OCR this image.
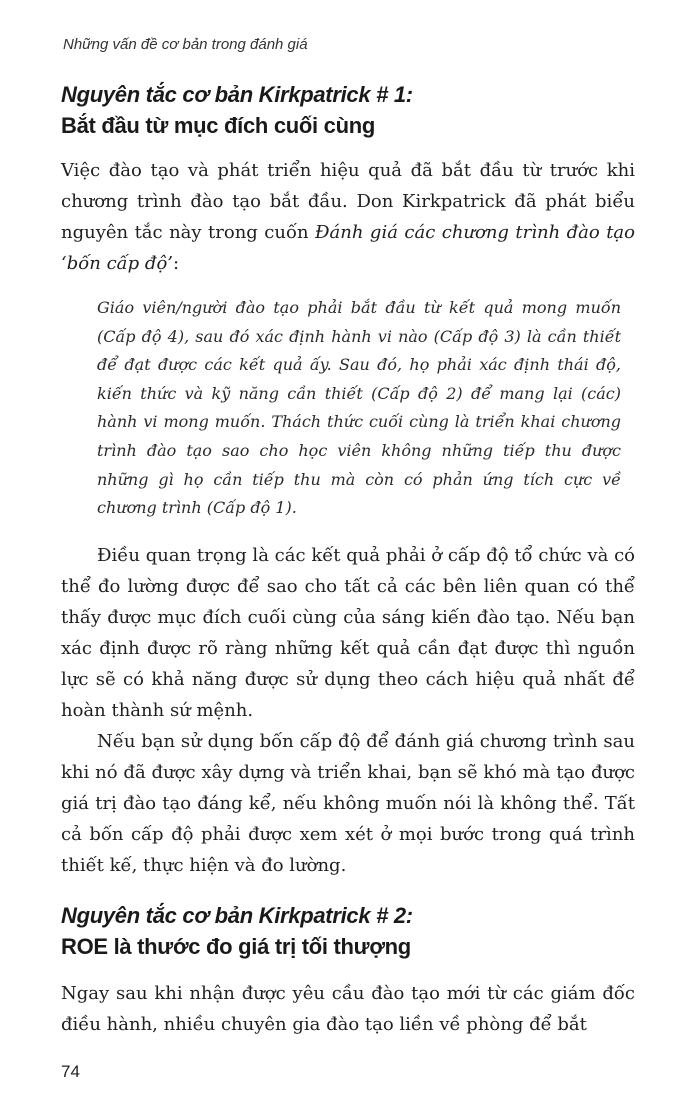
Những vấn đề cơ bản trong đánh giá
Nguyên tắc cơ bản Kirkpatrick # 1:
Bắt đầu từ mục đích cuối cùng

Việc đào tạo và phát triển hiệu quả đã bắt đầu từ trước khi chương trình đào tạo bắt đầu. Don Kirkpatrick đã phát biểu nguyên tắc này trong cuốn Đánh giá các chương trình đào tạo ‘bốn cấp độ’:

Giáo viên/người đào tạo phải bắt đầu từ kết quả mong muốn (Cấp độ 4), sau đó xác định hành vi nào (Cấp độ 3) là cần thiết để đạt được các kết quả ấy. Sau đó, họ phải xác định thái độ, kiến thức và kỹ năng cần thiết (Cấp độ 2) để mang lại (các) hành vi mong muốn. Thách thức cuối cùng là triển khai chương trình đào tạo sao cho học viên không những tiếp thu được những gì họ cần tiếp thu mà còn có phản ứng tích cực về chương trình (Cấp độ 1).

Điều quan trọng là các kết quả phải ở cấp độ tổ chức và có thể đo lường được để sao cho tất cả các bên liên quan có thể thấy được mục đích cuối cùng của sáng kiến đào tạo. Nếu bạn xác định được rõ ràng những kết quả cần đạt được thì nguồn lực sẽ có khả năng được sử dụng theo cách hiệu quả nhất để hoàn thành sứ mệnh.

Nếu bạn sử dụng bốn cấp độ để đánh giá chương trình sau khi nó đã được xây dựng và triển khai, bạn sẽ khó mà tạo được giá trị đào tạo đáng kể, nếu không muốn nói là không thể. Tất cả bốn cấp độ phải được xem xét ở mọi bước trong quá trình thiết kế, thực hiện và đo lường.

Nguyên tắc cơ bản Kirkpatrick # 2:
ROE là thước đo giá trị tối thượng

Ngay sau khi nhận được yêu cầu đào tạo mới từ các giám đốc điều hành, nhiều chuyên gia đào tạo liền về phòng để bắt

74
